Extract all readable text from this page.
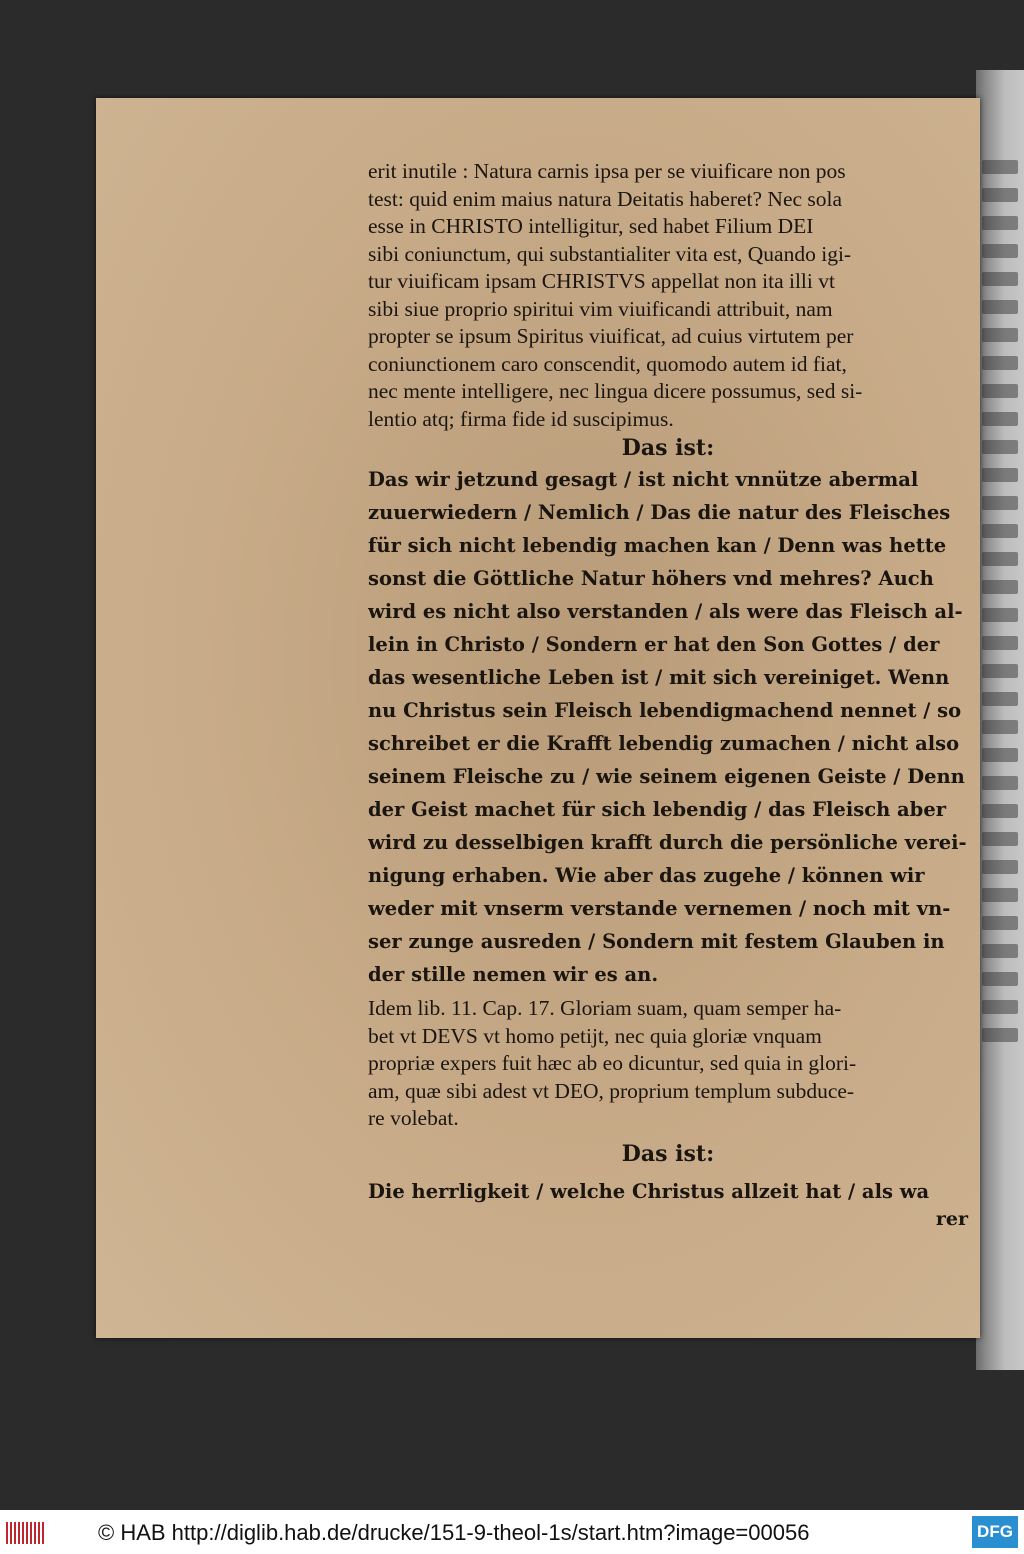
erit inutile : Natura carnis ipsa per se viuificare non pos
test: quid enim maius natura Deitatis haberet? Nec sola
esse in CHRISTO intelligitur, sed habet Filium DEI
sibi coniunctum, qui substantialiter vita est, Quando igi-
tur viuificam ipsam CHRISTVS appellat non ita illi vt
sibi siue proprio spiritui vim viuificandi attribuit, nam
propter se ipsum Spiritus viuificat, ad cuius virtutem per
coniunctionem caro conscendit, quomodo autem id fiat,
nec mente intelligere, nec lingua dicere possumus, sed si-
lentio atq; firma fide id suscipimus.
Das ist:
Das wir jetzund gesagt / ist nicht vnnütze abermal
zuuerwiedern / Nemlich / Das die natur des Fleisches
für sich nicht lebendig machen kan / Denn was hette
sonst die Göttliche Natur höhers vnd mehres? Auch
wird es nicht also verstanden / als were das Fleisch al-
lein in Christo / Sondern er hat den Son Gottes / der
das wesentliche Leben ist / mit sich vereiniget. Wenn
nu Christus sein Fleisch lebendigmachend nennet / so
schreibet er die Krafft lebendig zumachen / nicht also
seinem Fleische zu / wie seinem eigenen Geiste / Denn
der Geist machet für sich lebendig / das Fleisch aber
wird zu desselbigen krafft durch die persönliche verei-
nigung erhaben. Wie aber das zugehe / können wir
weder mit vnserm verstande vernemen / noch mit vn-
ser zunge ausreden / Sondern mit festem Glauben in
der stille nemen wir es an.
Idem lib. 11. Cap. 17. Gloriam suam, quam semper ha-
bet vt DEVS vt homo petijt, nec quia gloriæ vnquam
propriæ expers fuit hæc ab eo dicuntur, sed quia in glori-
am, quæ sibi adest vt DEO, proprium templum subduce-
re volebat.
Das ist:
Die herrligkeit / welche Christus allzeit hat / als wa
rer
© HAB http://diglib.hab.de/drucke/151-9-theol-1s/start.htm?image=00056	DFG
